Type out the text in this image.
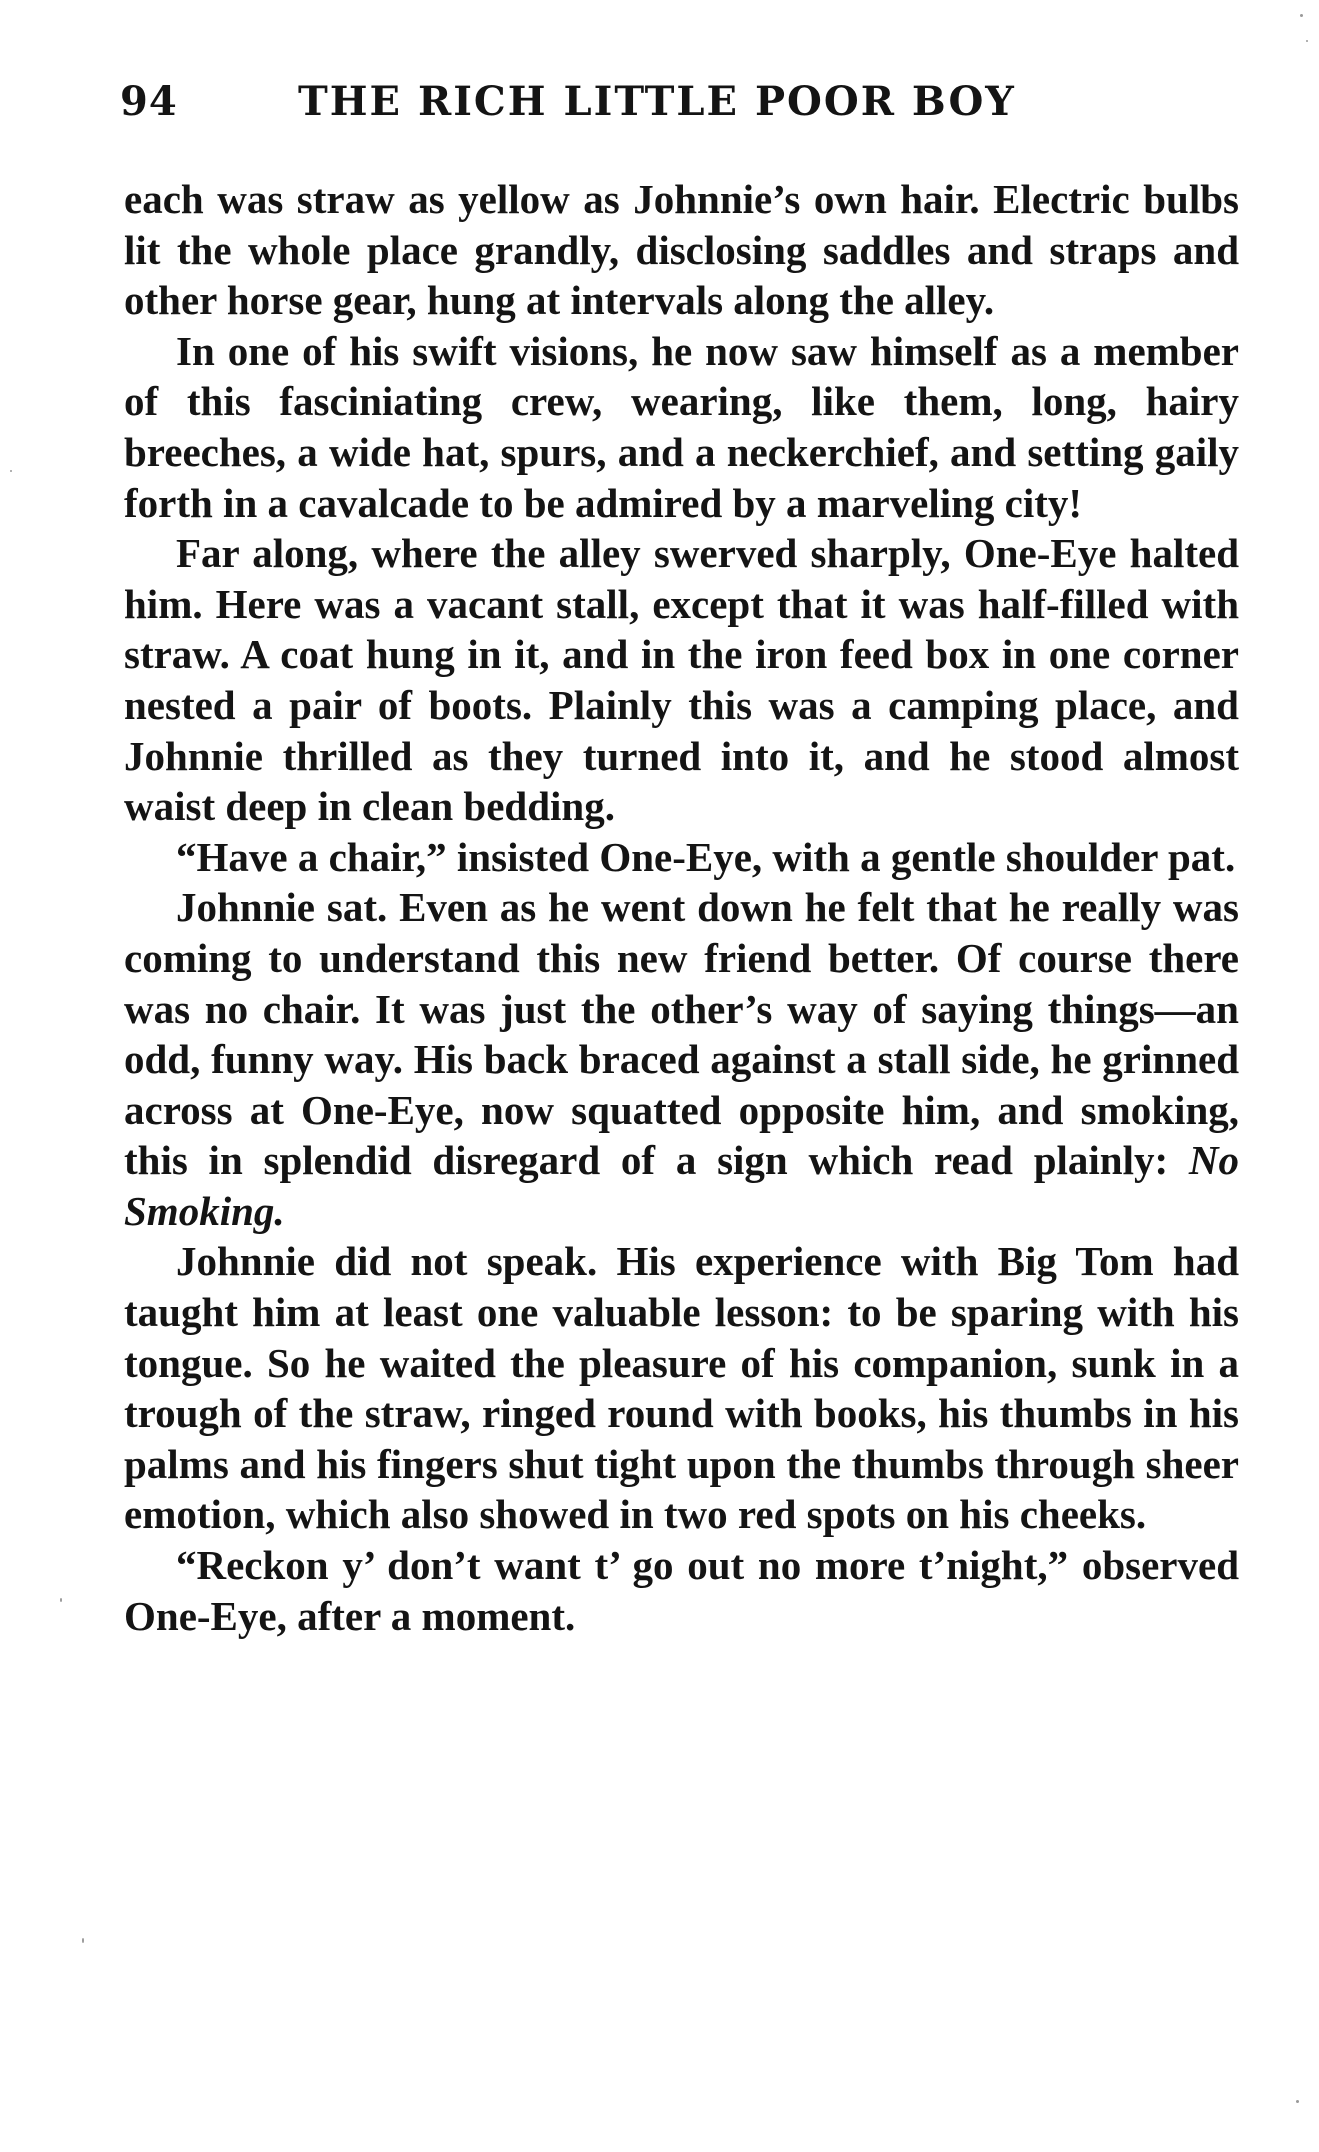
94	THE RICH LITTLE POOR BOY

each was straw as yellow as Johnnie’s own hair. Electric bulbs lit the whole place grandly, disclosing saddles and straps and other horse gear, hung at intervals along the alley.

In one of his swift visions, he now saw himself as a member of this fasciniating crew, wearing, like them, long, hairy breeches, a wide hat, spurs, and a neckerchief, and setting gaily forth in a cavalcade to be admired by a marveling city!

Far along, where the alley swerved sharply, One-Eye halted him. Here was a vacant stall, except that it was half-filled with straw. A coat hung in it, and in the iron feed box in one corner nested a pair of boots. Plainly this was a camping place, and Johnnie thrilled as they turned into it, and he stood almost waist deep in clean bedding.

“Have a chair,” insisted One-Eye, with a gentle shoulder pat.

Johnnie sat. Even as he went down he felt that he really was coming to understand this new friend better. Of course there was no chair. It was just the other’s way of saying things—an odd, funny way. His back braced against a stall side, he grinned across at One-Eye, now squatted opposite him, and smoking, this in splendid disregard of a sign which read plainly: No Smoking.

Johnnie did not speak. His experience with Big Tom had taught him at least one valuable lesson: to be sparing with his tongue. So he waited the pleasure of his companion, sunk in a trough of the straw, ringed round with books, his thumbs in his palms and his fingers shut tight upon the thumbs through sheer emotion, which also showed in two red spots on his cheeks.

“Reckon y’ don’t want t’ go out no more t’night,” observed One-Eye, after a moment.
